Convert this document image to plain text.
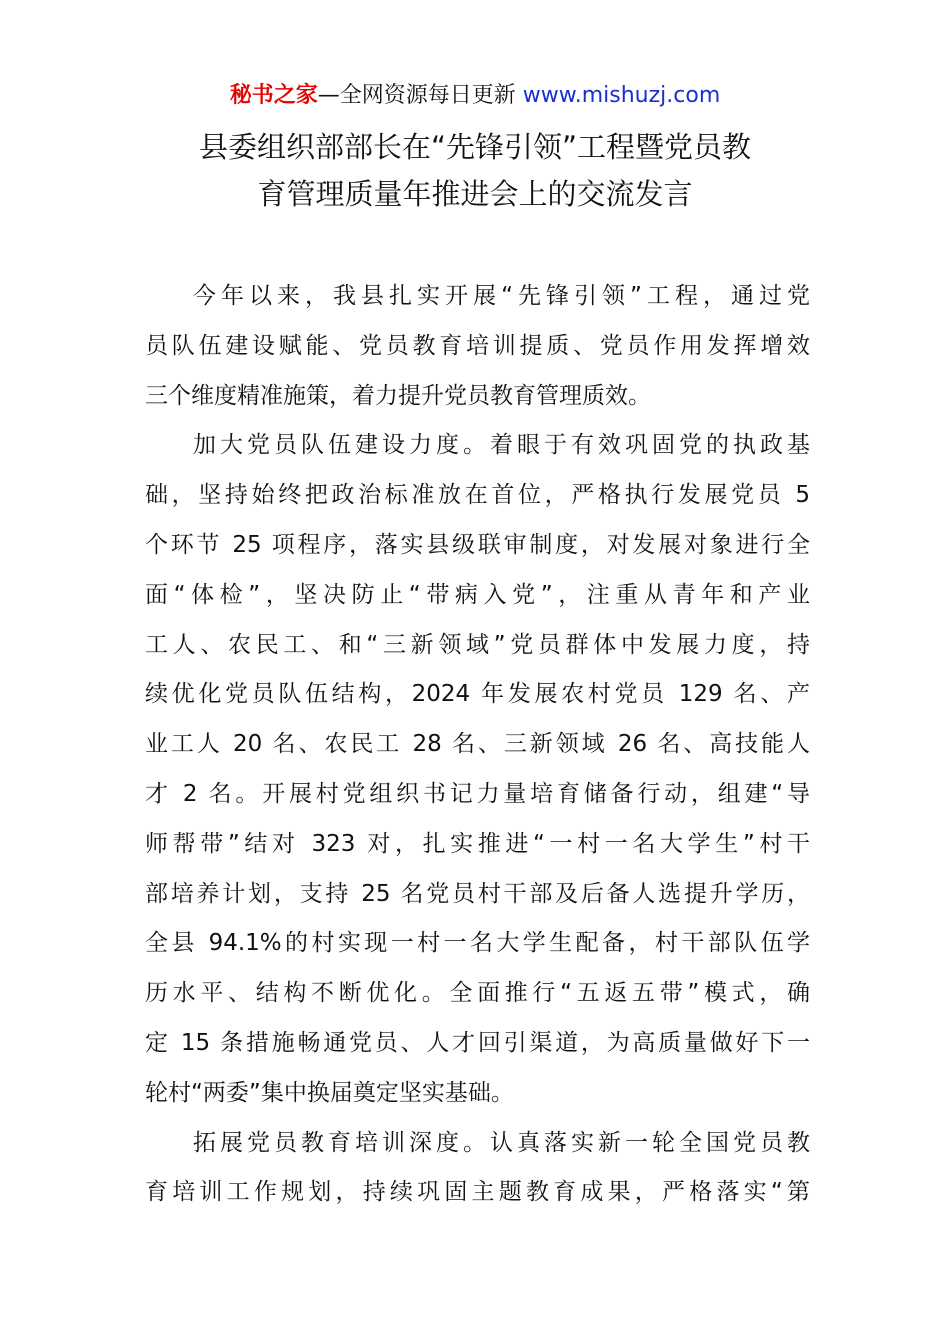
秘书之家—全网资源每日更新 www.mishuzj.com
县委组织部部长在“先锋引领”工程暨党员教
育管理质量年推进会上的交流发言
今年以来，我县扎实开展“先锋引领”工程，通过党
员队伍建设赋能、党员教育培训提质、党员作用发挥增效
三个维度精准施策，着力提升党员教育管理质效。
加大党员队伍建设力度。着眼于有效巩固党的执政基
础，坚持始终把政治标准放在首位，严格执行发展党员 5
个环节 25 项程序，落实县级联审制度，对发展对象进行全
面“体检”，坚决防止“带病入党”，注重从青年和产业
工人、农民工、和“三新领域”党员群体中发展力度，持
续优化党员队伍结构，2024 年发展农村党员 129 名、产
业工人 20 名、农民工 28 名、三新领域 26 名、高技能人
才 2 名。开展村党组织书记力量培育储备行动，组建“导
师帮带”结对 323 对，扎实推进“一村一名大学生”村干
部培养计划，支持 25 名党员村干部及后备人选提升学历，
全县 94.1%的村实现一村一名大学生配备，村干部队伍学
历水平、结构不断优化。全面推行“五返五带”模式，确
定 15 条措施畅通党员、人才回引渠道，为高质量做好下一
轮村“两委”集中换届奠定坚实基础。
拓展党员教育培训深度。认真落实新一轮全国党员教
育培训工作规划，持续巩固主题教育成果，严格落实“第
